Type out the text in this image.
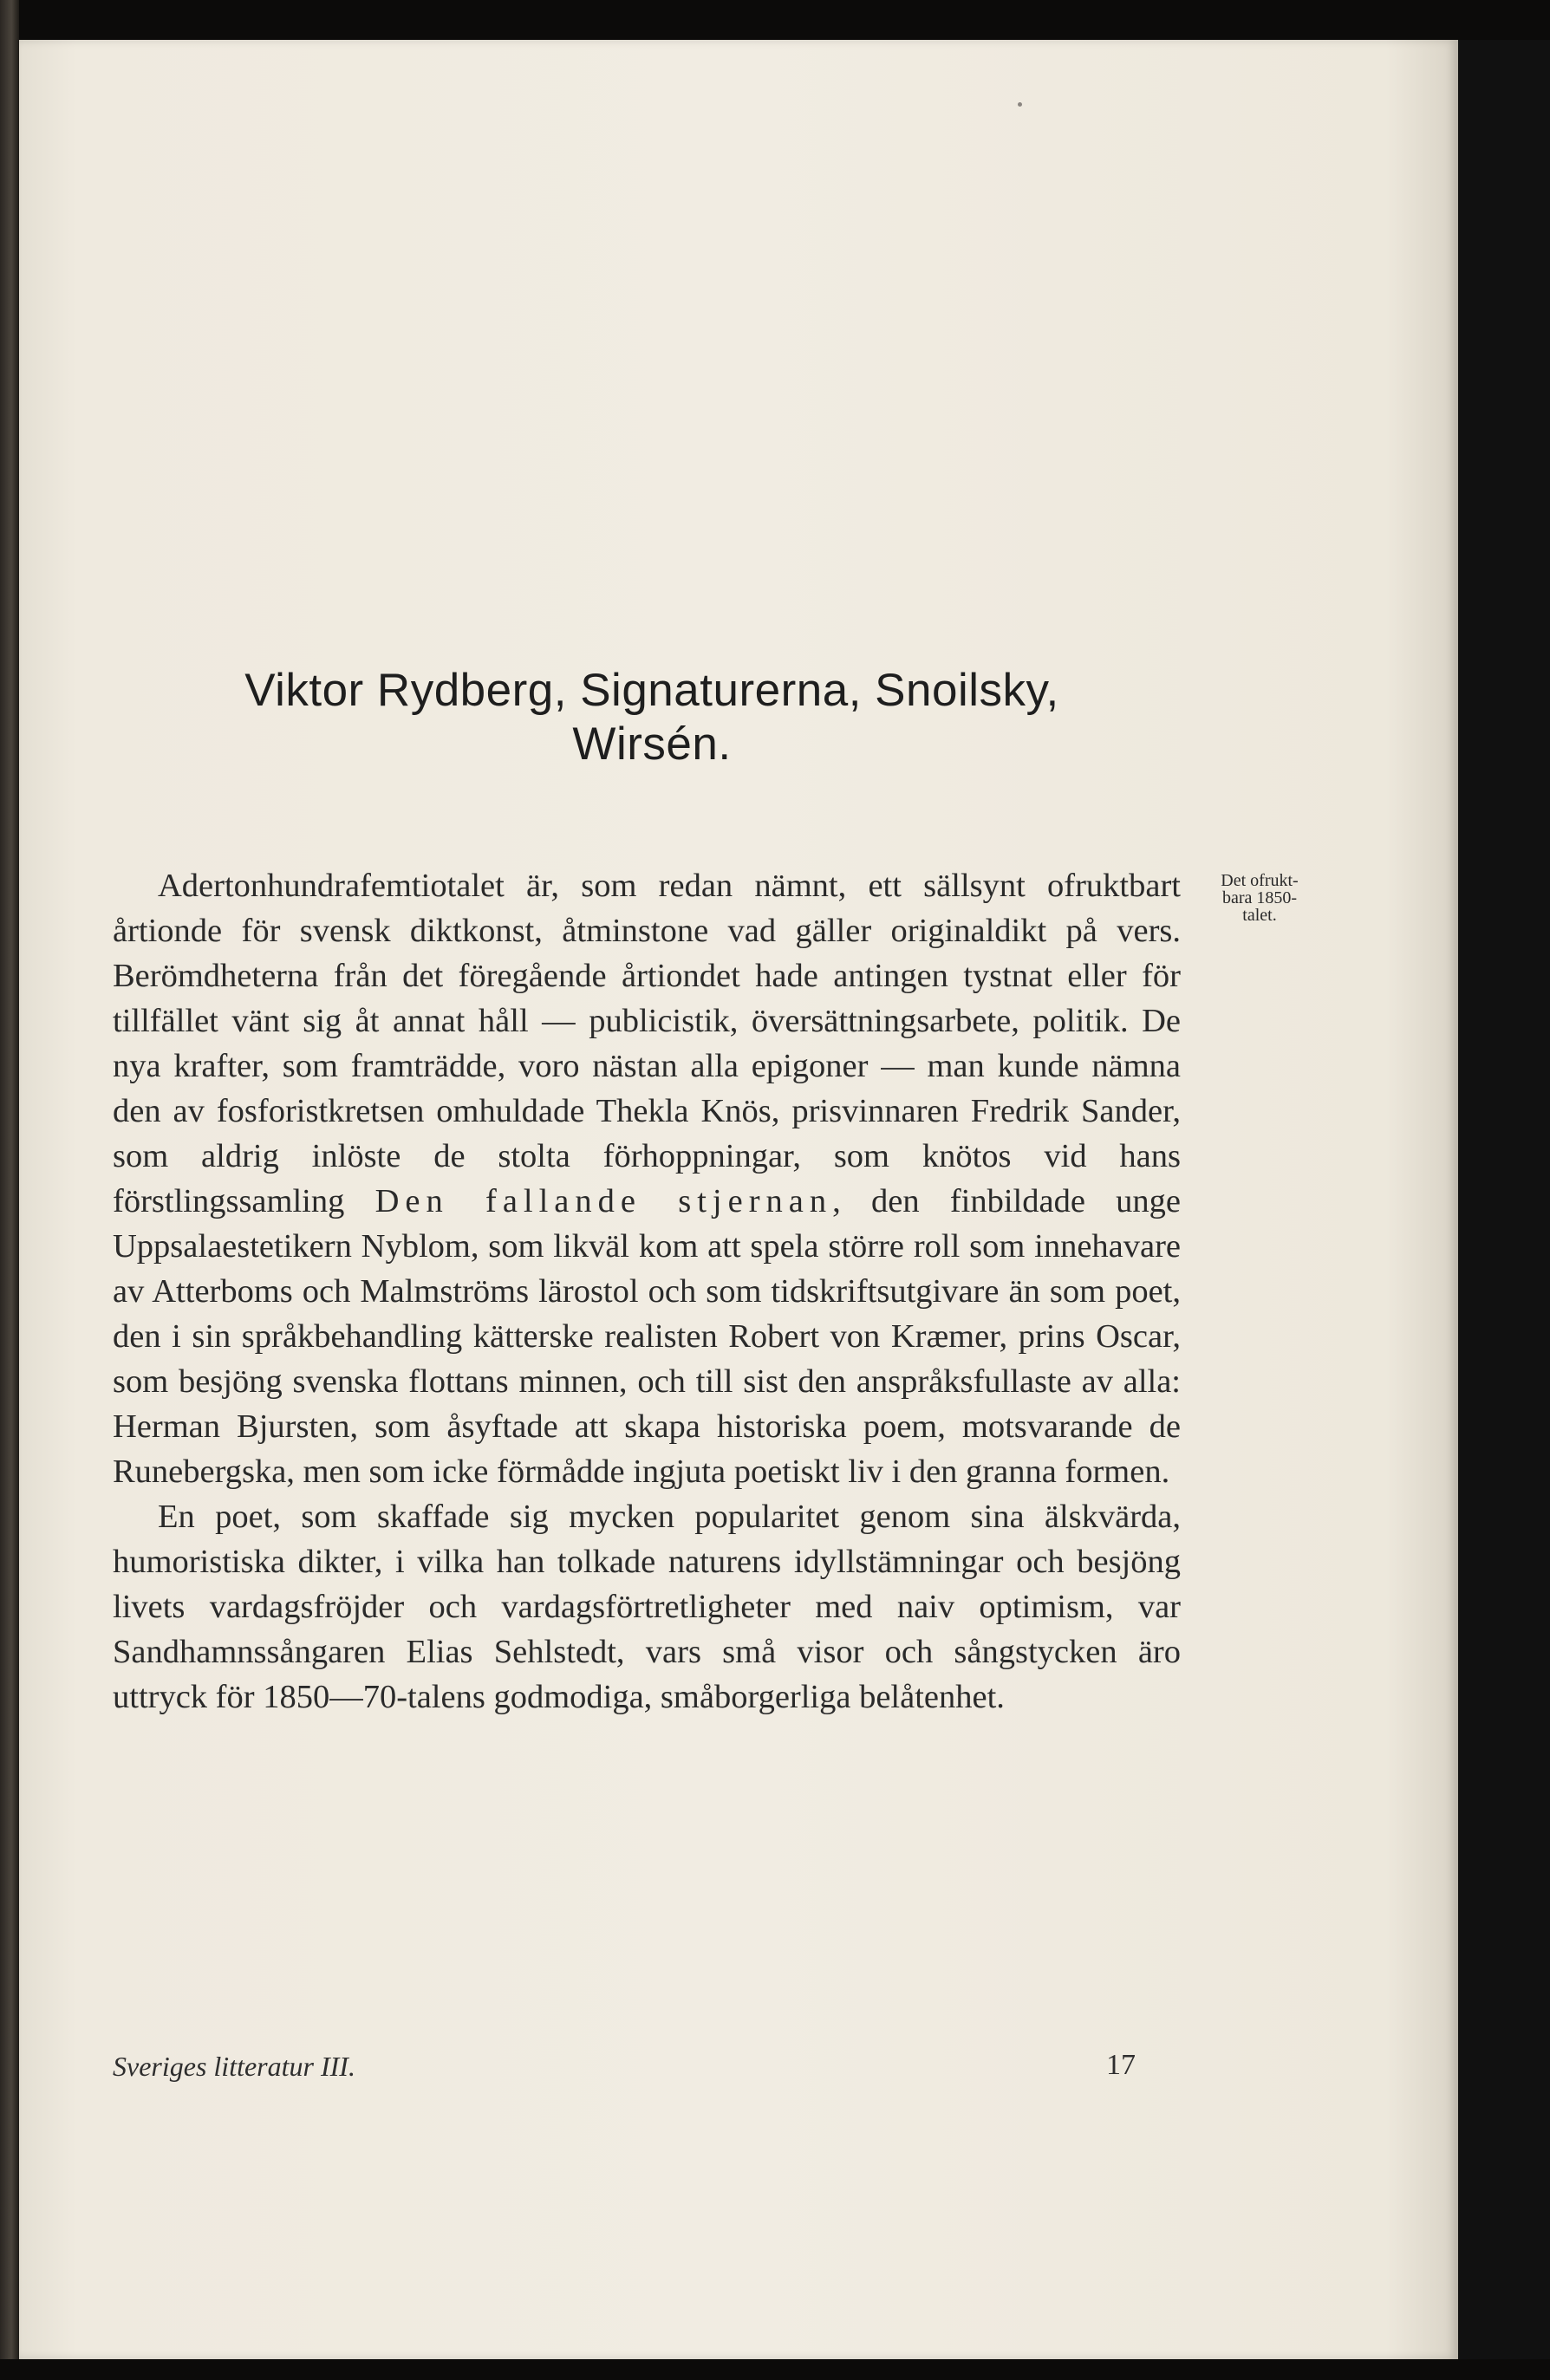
Viktor Rydberg, Signaturerna, Snoilsky,
Wirsén.
Det ofrukt-
bara 1850-
talet.

Adertonhundrafemtiotalet är, som redan nämnt, ett sällsynt ofruktbart årtionde för svensk diktkonst, åtminstone vad gäller originaldikt på vers. Berömdheterna från det föregående årtiondet hade antingen tystnat eller för tillfället vänt sig åt annat håll — publicistik, översättningsarbete, politik. De nya krafter, som framträdde, voro nästan alla epigoner — man kunde nämna den av fosforistkretsen omhuldade Thekla Knös, prisvinnaren Fredrik Sander, som aldrig inlöste de stolta förhoppningar, som knötos vid hans förstlingssamling Den fallande stjernan, den finbildade unge Uppsalaestetikern Nyblom, som likväl kom att spela större roll som innehavare av Atterboms och Malmströms lärostol och som tidskriftsutgivare än som poet, den i sin språkbehandling kätterske realisten Robert von Kræmer, prins Oscar, som besjöng svenska flottans minnen, och till sist den anspråksfullaste av alla: Herman Bjursten, som åsyftade att skapa historiska poem, motsvarande de Runebergska, men som icke förmådde ingjuta poetiskt liv i den granna formen.

En poet, som skaffade sig mycken popularitet genom sina älskvärda, humoristiska dikter, i vilka han tolkade naturens idyllstämningar och besjöng livets vardagsfröjder och vardagsförtretligheter med naiv optimism, var Sandhamnssångaren Elias Sehlstedt, vars små visor och sångstycken äro uttryck för 1850—70-talens godmodiga, småborgerliga belåtenhet.

Sveriges litteratur III.	17
